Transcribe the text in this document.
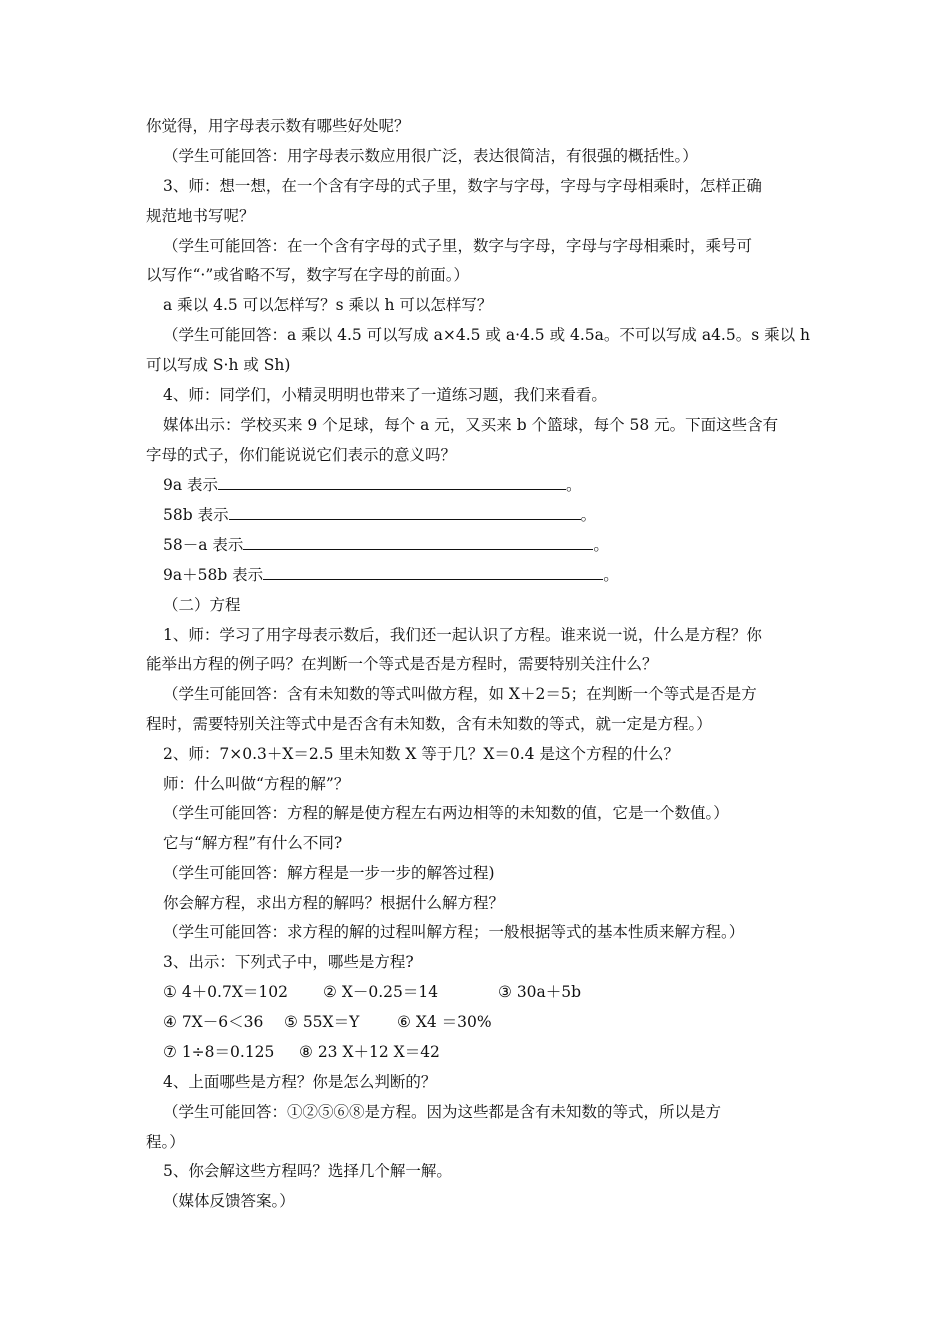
你觉得，用字母表示数有哪些好处呢？
（学生可能回答：用字母表示数应用很广泛，表达很简洁，有很强的概括性。）
3、师：想一想，在一个含有字母的式子里，数字与字母，字母与字母相乘时，怎样正确
规范地书写呢？
（学生可能回答：在一个含有字母的式子里，数字与字母，字母与字母相乘时，乘号可
以写作“·”或省略不写，数字写在字母的前面。）
a 乘以 4.5 可以怎样写？s 乘以 h 可以怎样写？
（学生可能回答：a 乘以 4.5 可以写成 a×4.5 或 a·4.5 或 4.5a。不可以写成 a4.5。s 乘以 h
可以写成 S·h 或 Sh)
4、师：同学们，小精灵明明也带来了一道练习题，我们来看看。
媒体出示：学校买来 9 个足球，每个 a 元，又买来 b 个篮球，每个 58 元。下面这些含有
字母的式子，你们能说说它们表示的意义吗？
9a 表示	。
58b 表示	。
58－a 表示	。
9a＋58b 表示	。
（二）方程
1、师：学习了用字母表示数后，我们还一起认识了方程。谁来说一说，什么是方程？你
能举出方程的例子吗？在判断一个等式是否是方程时，需要特别关注什么？
（学生可能回答：含有未知数的等式叫做方程，如 X＋2＝5；在判断一个等式是否是方
程时，需要特别关注等式中是否含有未知数，含有未知数的等式，就一定是方程。）
2、师：7×0.3＋X＝2.5 里未知数 X 等于几？X＝0.4 是这个方程的什么？
师：什么叫做“方程的解”？
（学生可能回答：方程的解是使方程左右两边相等的未知数的值，它是一个数值。）
它与“解方程”有什么不同?
（学生可能回答：解方程是一步一步的解答过程)
你会解方程，求出方程的解吗？根据什么解方程？
（学生可能回答：求方程的解的过程叫解方程；一般根据等式的基本性质来解方程。）
3、出示：下列式子中，哪些是方程?
① 4＋0.7X＝102 ② X－0.25＝14	③ 30a＋5b
④ 7X－6＜36 ⑤ 55X＝Y ⑥ X4 ＝30%
⑦ 1÷8＝0.125 ⑧ 23 X＋12 X＝42
4、上面哪些是方程？你是怎么判断的？
（学生可能回答：①②⑤⑥⑧是方程。因为这些都是含有未知数的等式，所以是方
程。）
5、你会解这些方程吗？选择几个解一解。
（媒体反馈答案。）
